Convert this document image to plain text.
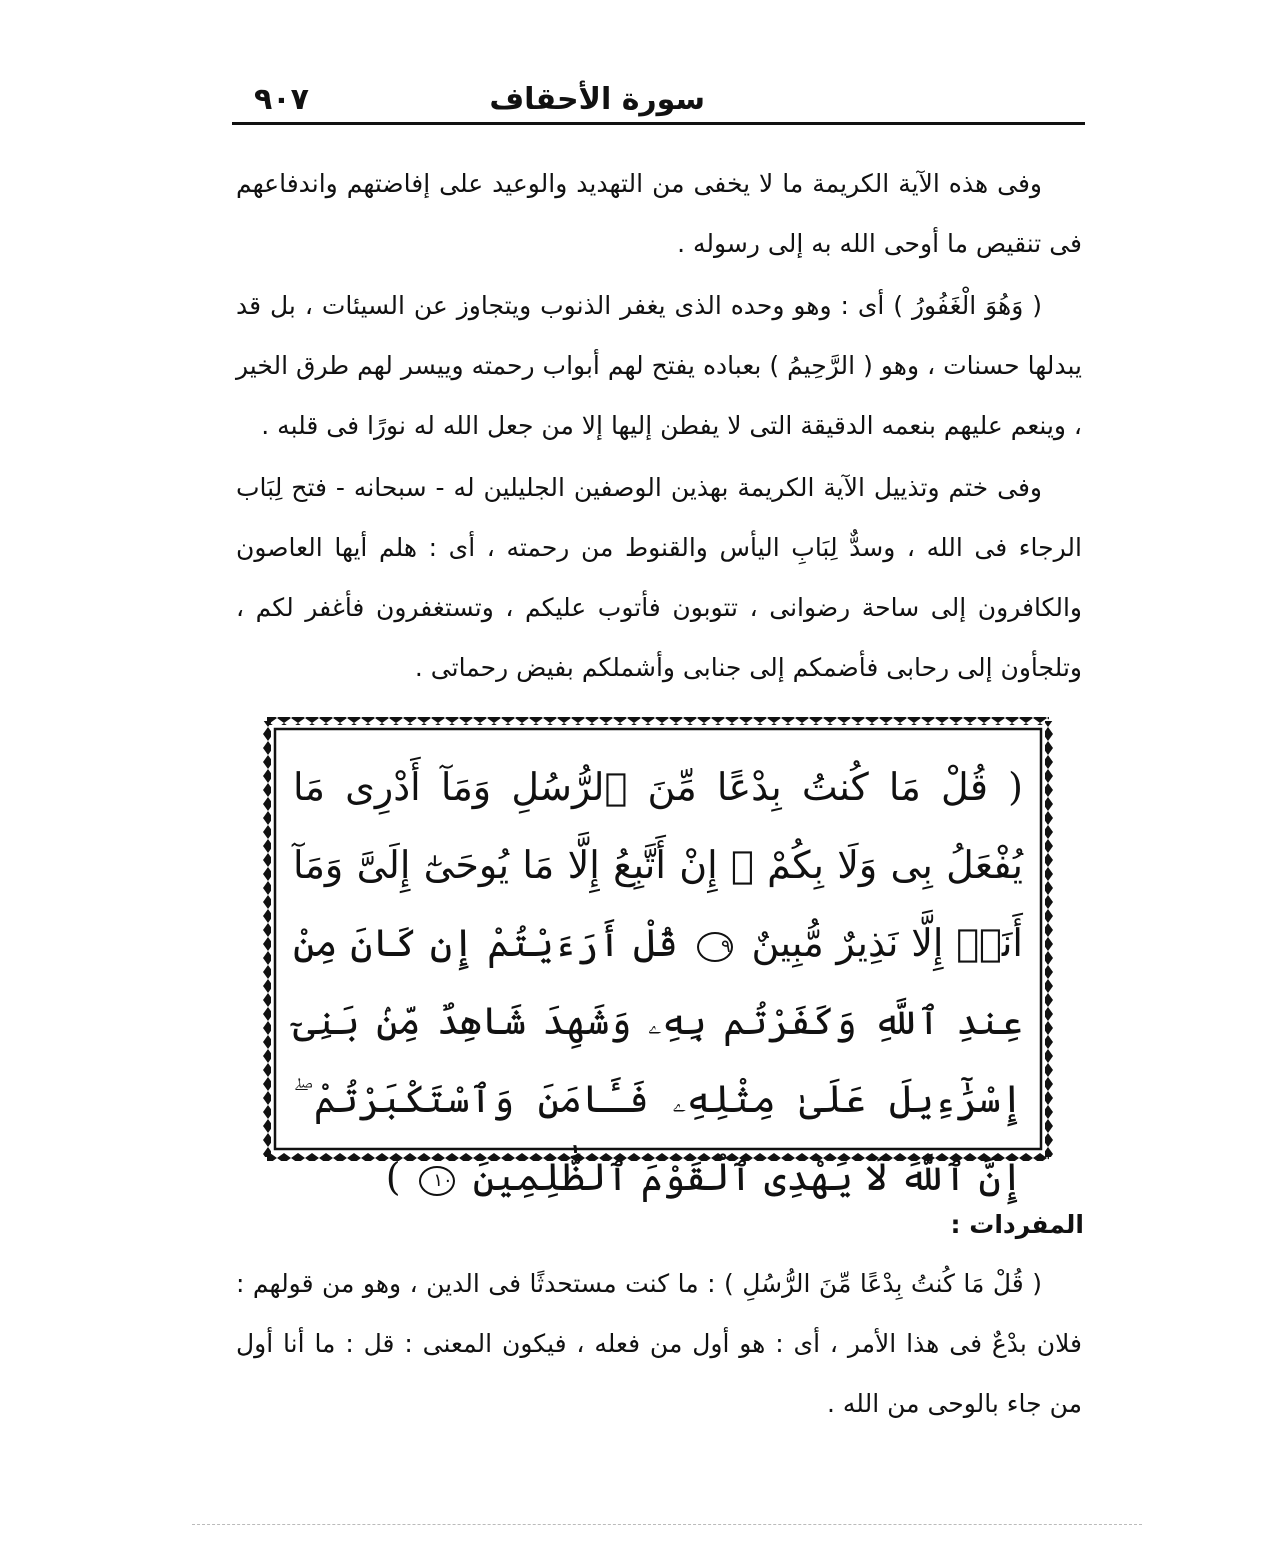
سورة الأحقاف
٩٠٧
وفى هذه الآية الكريمة ما لا يخفى من التهديد والوعيد على إفاضتهم واندفاعهم فى تنقيص ما أوحى الله به إلى رسوله .
( وَهُوَ الْغَفُورُ ) أى : وهو وحده الذى يغفر الذنوب ويتجاوز عن السيئات ، بل قد يبدلها حسنات ، وهو ( الرَّحِيمُ ) بعباده يفتح لهم أبواب رحمته وييسر لهم طرق الخير ، وينعم عليهم بنعمه الدقيقة التى لا يفطن إليها إلا من جعل الله له نورًا فى قلبه .
وفى ختم وتذييل الآية الكريمة بهذين الوصفين الجليلين له - سبحانه - فتح لِبَاب الرجاء فى الله ، وسدٌّ لِبَابِ اليأس والقنوط من رحمته ، أى : هلم أيها العاصون والكافرون إلى ساحة رضوانى ، تتوبون فأتوب عليكم ، وتستغفرون فأغفر لكم ، وتلجأون إلى رحابى فأضمكم إلى جنابى وأشملكم بفيض رحماتى .
( قُلْ مَا كُنتُ بِدْعًا مِّنَ ٱلرُّسُلِ وَمَآ أَدْرِى مَا يُفْعَلُ بِى وَلَا بِكُمْ ۖ إِنْ أَتَّبِعُ إِلَّا مَا يُوحَىٰٓ إِلَىَّ وَمَآ أَنَا۠ إِلَّا نَذِيرٌ مُّبِينٌ ٩ قُلْ أَرَءَيْتُمْ إِن كَانَ مِنْ عِندِ ٱللَّهِ وَكَفَرْتُم بِهِۦ وَشَهِدَ شَاهِدٌ مِّنۢ بَنِىٓ إِسْرَٰٓءِيلَ عَلَىٰ مِثْلِهِۦ فَـَٔامَنَ وَٱسْتَكْبَرْتُمْ ۖ إِنَّ ٱللَّهَ لَا يَهْدِى ٱلْقَوْمَ ٱلظَّٰلِمِينَ ١٠ )
المفردات :
( قُلْ مَا كُنتُ بِدْعًا مِّنَ الرُّسُلِ ) : ما كنت مستحدثًا فى الدين ، وهو من قولهم : فلان بدْعٌ فى هذا الأمر ، أى : هو أول من فعله ، فيكون المعنى : قل : ما أنا أول من جاء بالوحى من الله .
